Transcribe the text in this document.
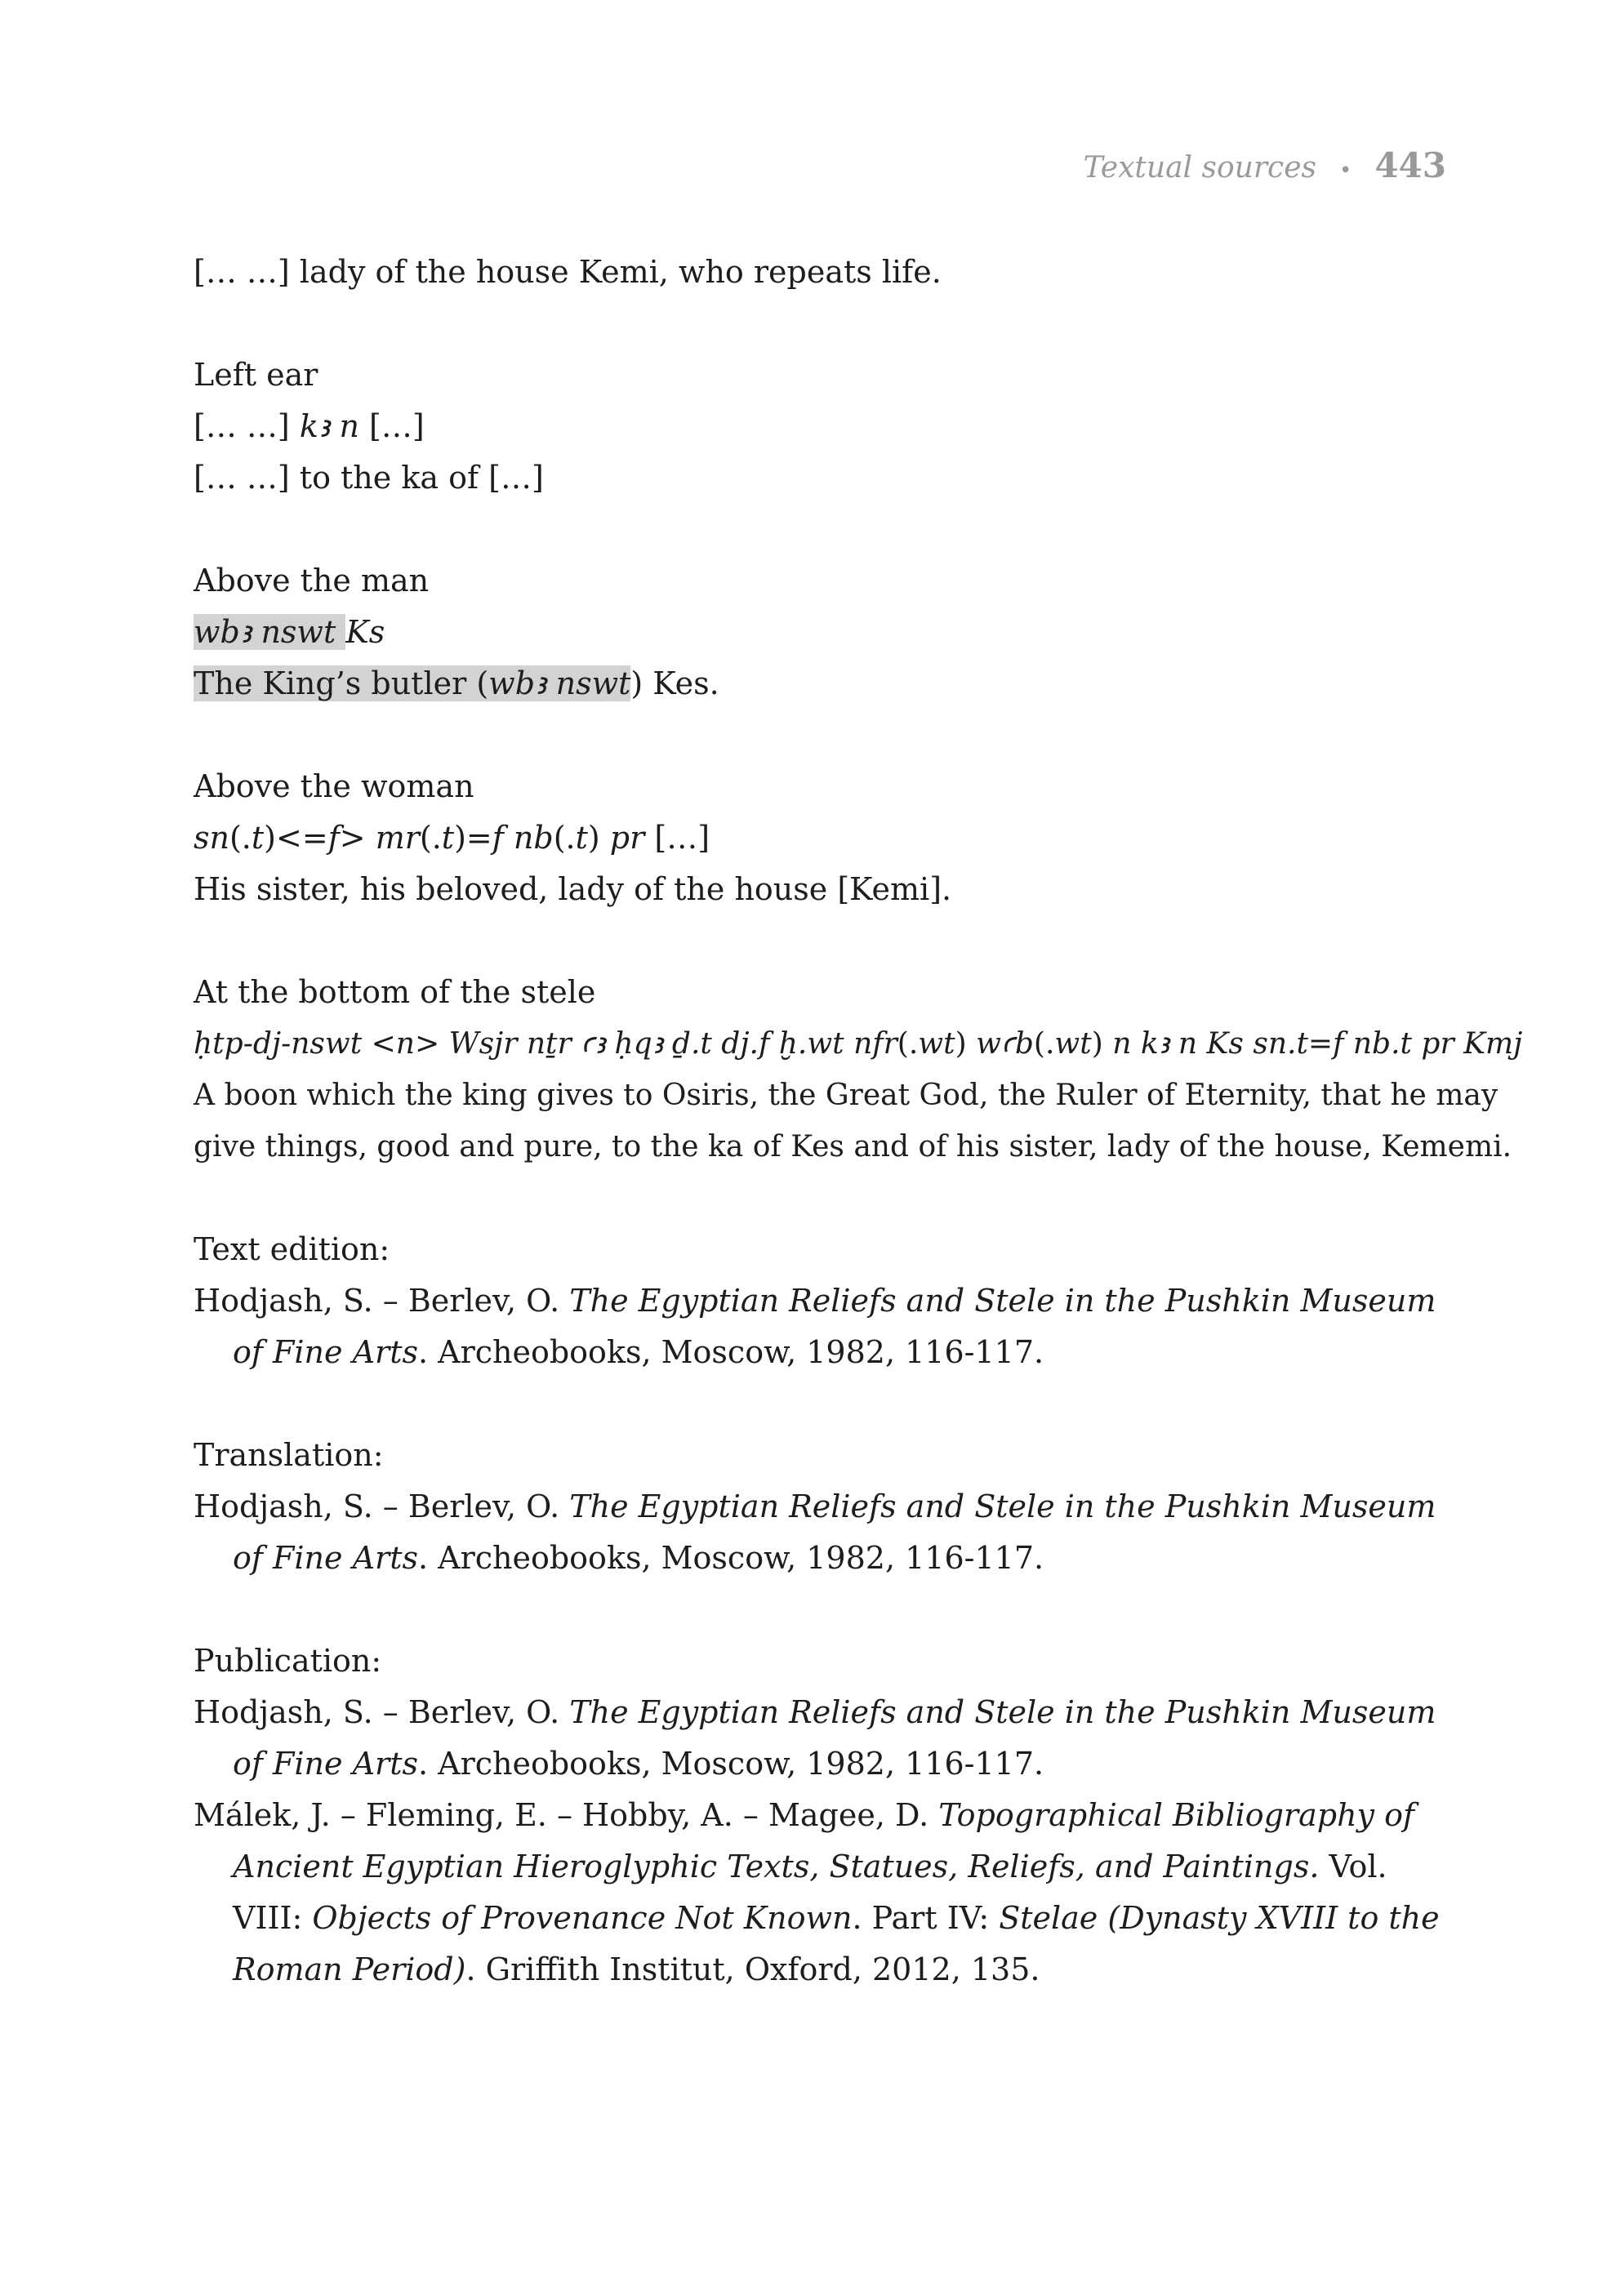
Textual sources • 443

[… …] lady of the house Kemi, who repeats life.

Left ear

[… …] kꜣ n […]

[… …] to the ka of […]

Above the man

wbꜣ nswt Ks

The King’s butler (wbꜣ nswt) Kes.

Above the woman

sn(.t)<=f> mr(.t)=f nb(.t) pr […]

His sister, his beloved, lady of the house [Kemi].

At the bottom of the stele

ḥtp-dj-nswt <n> Wsjr nṯr ꜥꜣ ḥqꜣ ḏ.t dj.f ḫ.wt nfr(.wt) wꜥb(.wt) n kꜣ n Ks sn.t=f nb.t pr Kmj

A boon which the king gives to Osiris, the Great God, the Ruler of Eternity, that he may

give things, good and pure, to the ka of Kes and of his sister, lady of the house, Kememi.

Text edition:

Hodjash, S. – Berlev, O. The Egyptian Reliefs and Stele in the Pushkin Museum of Fine Arts. Archeobooks, Moscow, 1982, 116-117.

Translation:

Hodjash, S. – Berlev, O. The Egyptian Reliefs and Stele in the Pushkin Museum of Fine Arts. Archeobooks, Moscow, 1982, 116-117.

Publication:

Hodjash, S. – Berlev, O. The Egyptian Reliefs and Stele in the Pushkin Museum of Fine Arts. Archeobooks, Moscow, 1982, 116-117.

Málek, J. – Fleming, E. – Hobby, A. – Magee, D. Topographical Bibliography of Ancient Egyptian Hieroglyphic Texts, Statues, Reliefs, and Paintings. Vol. VIII: Objects of Provenance Not Known. Part IV: Stelae (Dynasty XVIII to the Roman Period). Griffith Institut, Oxford, 2012, 135.
